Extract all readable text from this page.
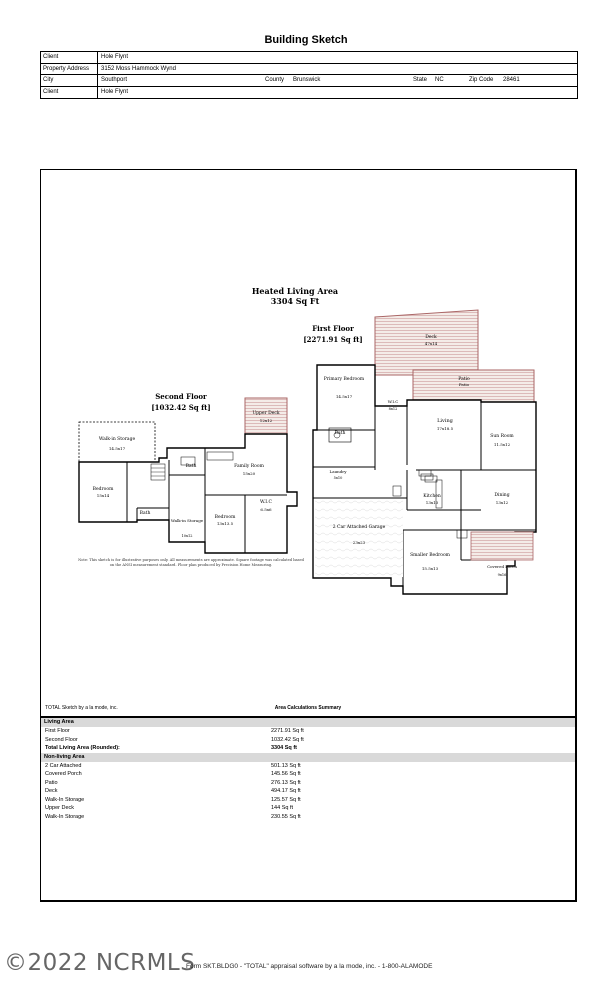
Building Sketch
Client	Hole Flynt
Property Address 3152 Moss Hammock Wynd
City	Southport	County Brunswick	State NC	Zip Code 28461
Client	Hole Flynt
Heated Living Area
3304 Sq Ft
First Floor
[2271.91 Sq ft]
Second Floor
[1032.42 Sq ft]
Deck
47x14
Patio
Patio
Primary Bedroom
14.5x17
W.I.C
8x12
Living
17x18.5
Sun Room
11.5x12
Bath
Laundry
5x10
Kitchen
13x13
Dining
13x12
2 Car Attached Garage
23x23
Smaller Bedroom
15.5x13	Covered Porch
9x16
Upper Deck
12x12
Walk-in Storage
14.5x17
Bedroom
15x14
Family Room
15x20
Bath
Bath
Walk-in Storage
10x12
Bedroom
13x13.5
W.I.C
6.5x6
Note: This sketch is for illustrative purposes only. All measurements are approximate. Square footage was calculated based on the ANSI measurement standard. Floor plan produced by Precision Home Measuring.
TOTAL Sketch by a la mode, inc.	Area Calculations Summary
Living Area
First Floor	2271.91 Sq ft
Second Floor	1032.42 Sq ft
Total Living Area (Rounded):	3304 Sq ft
Non-living Area
2 Car Attached	501.13 Sq ft
Covered Porch	145.56 Sq ft
Patio	276.13 Sq ft
Deck	494.17 Sq ft
Walk-In Storage	125.57 Sq ft
Upper Deck	144 Sq ft
Walk-In Storage	230.55 Sq ft
©2022 NCRMLS
Form SKT.BLDG0 - "TOTAL" appraisal software by a la mode, inc. - 1-800-ALAMODE
